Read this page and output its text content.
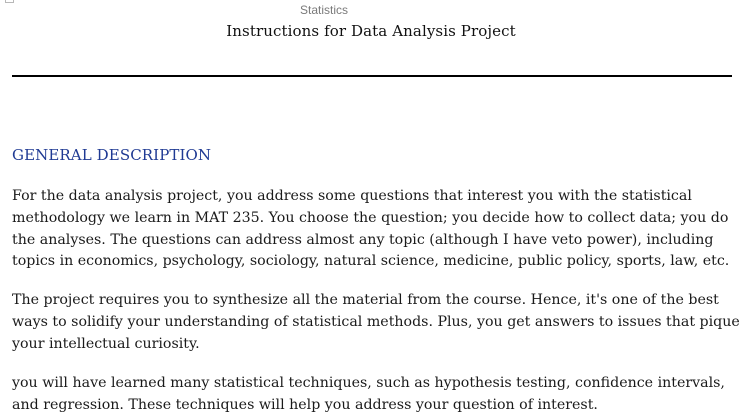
Statistics
Instructions for Data Analysis Project
GENERAL DESCRIPTION
For the data analysis project, you address some questions that interest you with the statistical
methodology we learn in MAT 235. You choose the question; you decide how to collect data; you do
the analyses. The questions can address almost any topic (although I have veto power), including
topics in economics, psychology, sociology, natural science, medicine, public policy, sports, law, etc.
The project requires you to synthesize all the material from the course. Hence, it's one of the best
ways to solidify your understanding of statistical methods. Plus, you get answers to issues that pique
your intellectual curiosity.
you will have learned many statistical techniques, such as hypothesis testing, confidence intervals,
and regression. These techniques will help you address your question of interest.
